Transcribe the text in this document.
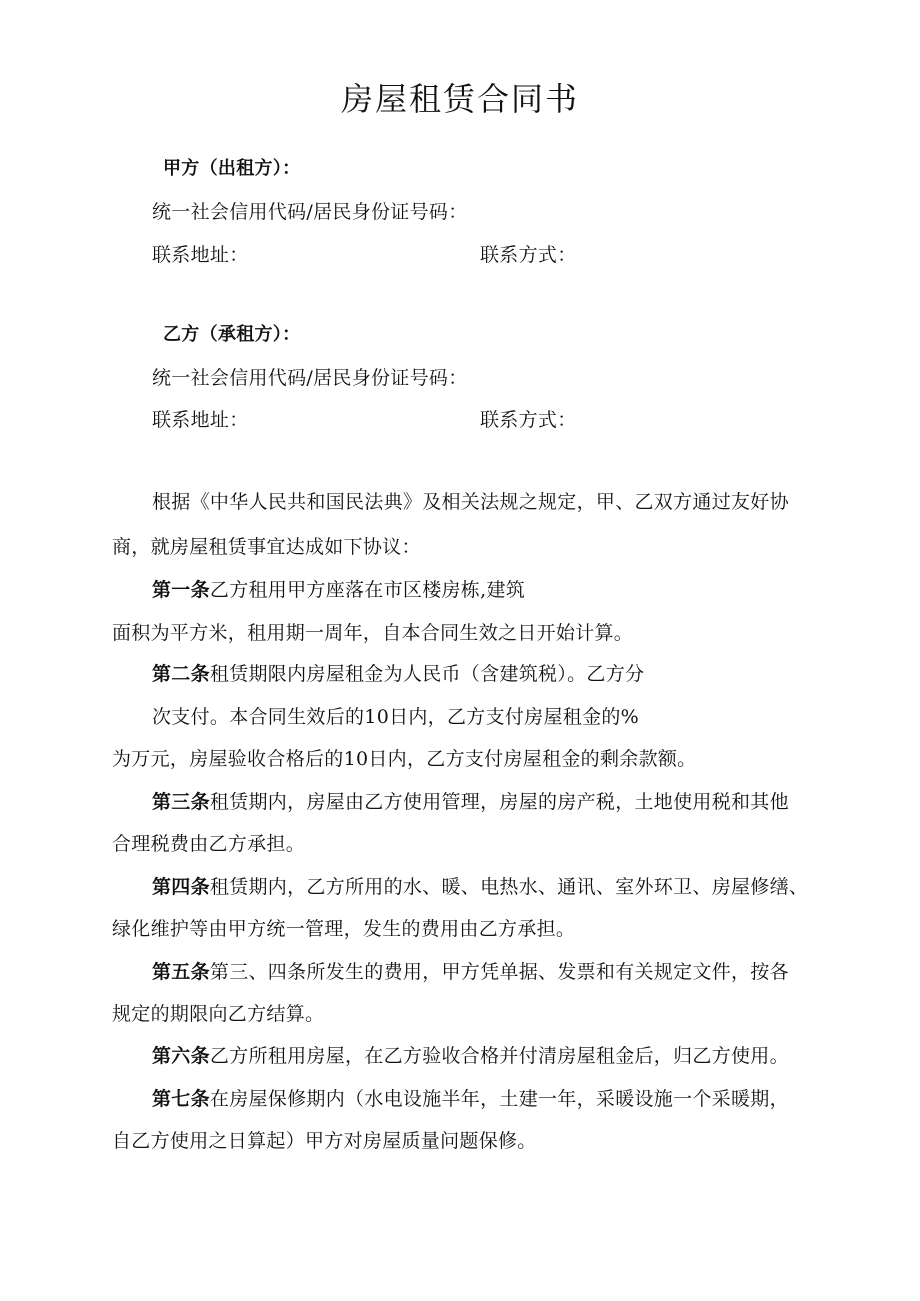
房屋租赁合同书
甲方（出租方）：
统一社会信用代码/居民身份证号码：
联系地址：	联系方式：
乙方（承租方）：
统一社会信用代码/居民身份证号码：
联系地址：	联系方式：
根据《中华人民共和国民法典》及相关法规之规定，甲、乙双方通过友好协
商，就房屋租赁事宜达成如下协议：
第一条乙方租用甲方座落在市区楼房栋,建筑
面积为平方米，租用期一周年，自本合同生效之日开始计算。
第二条租赁期限内房屋租金为人民币（含建筑税）。乙方分
次支付。本合同生效后的10日内，乙方支付房屋租金的%
为万元，房屋验收合格后的10日内，乙方支付房屋租金的剩余款额。
第三条租赁期内，房屋由乙方使用管理，房屋的房产税，土地使用税和其他
合理税费由乙方承担。
第四条租赁期内，乙方所用的水、暖、电热水、通讯、室外环卫、房屋修缮、
绿化维护等由甲方统一管理，发生的费用由乙方承担。
第五条第三、四条所发生的费用，甲方凭单据、发票和有关规定文件，按各
规定的期限向乙方结算。
第六条乙方所租用房屋，在乙方验收合格并付清房屋租金后，归乙方使用。
第七条在房屋保修期内（水电设施半年，土建一年，采暖设施一个采暖期，
自乙方使用之日算起）甲方对房屋质量问题保修。
